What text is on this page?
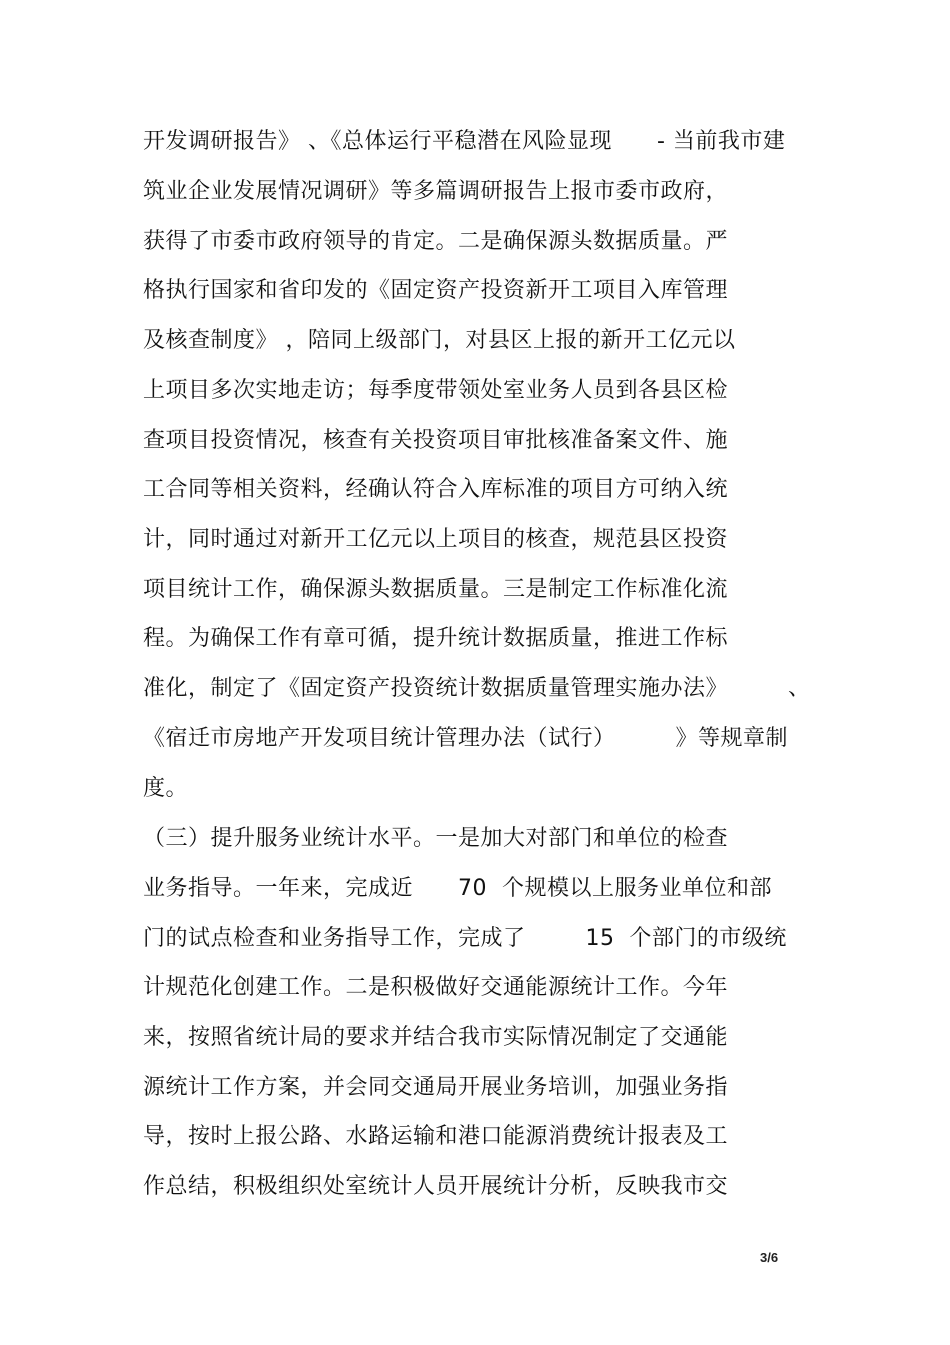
开发调研报告》 、《总体运行平稳潜在风险显现      - 当前我市建
筑业企业发展情况调研》等多篇调研报告上报市委市政府，
获得了市委市政府领导的肯定。二是确保源头数据质量。严
格执行国家和省印发的《固定资产投资新开工项目入库管理
及核查制度》 ，陪同上级部门，对县区上报的新开工亿元以
上项目多次实地走访；每季度带领处室业务人员到各县区检
查项目投资情况，核查有关投资项目审批核准备案文件、施
工合同等相关资料，经确认符合入库标准的项目方可纳入统
计，同时通过对新开工亿元以上项目的核查，规范县区投资
项目统计工作，确保源头数据质量。三是制定工作标准化流
程。为确保工作有章可循，提升统计数据质量，推进工作标
准化，制定了《固定资产投资统计数据质量管理实施办法》        、
《宿迁市房地产开发项目统计管理办法（试行）        》等规章制
度。
（三）提升服务业统计水平。一是加大对部门和单位的检查
业务指导。一年来，完成近      70  个规模以上服务业单位和部
门的试点检查和业务指导工作，完成了        15  个部门的市级统
计规范化创建工作。二是积极做好交通能源统计工作。今年
来，按照省统计局的要求并结合我市实际情况制定了交通能
源统计工作方案，并会同交通局开展业务培训，加强业务指
导，按时上报公路、水路运输和港口能源消费统计报表及工
作总结，积极组织处室统计人员开展统计分析，反映我市交
3/6
